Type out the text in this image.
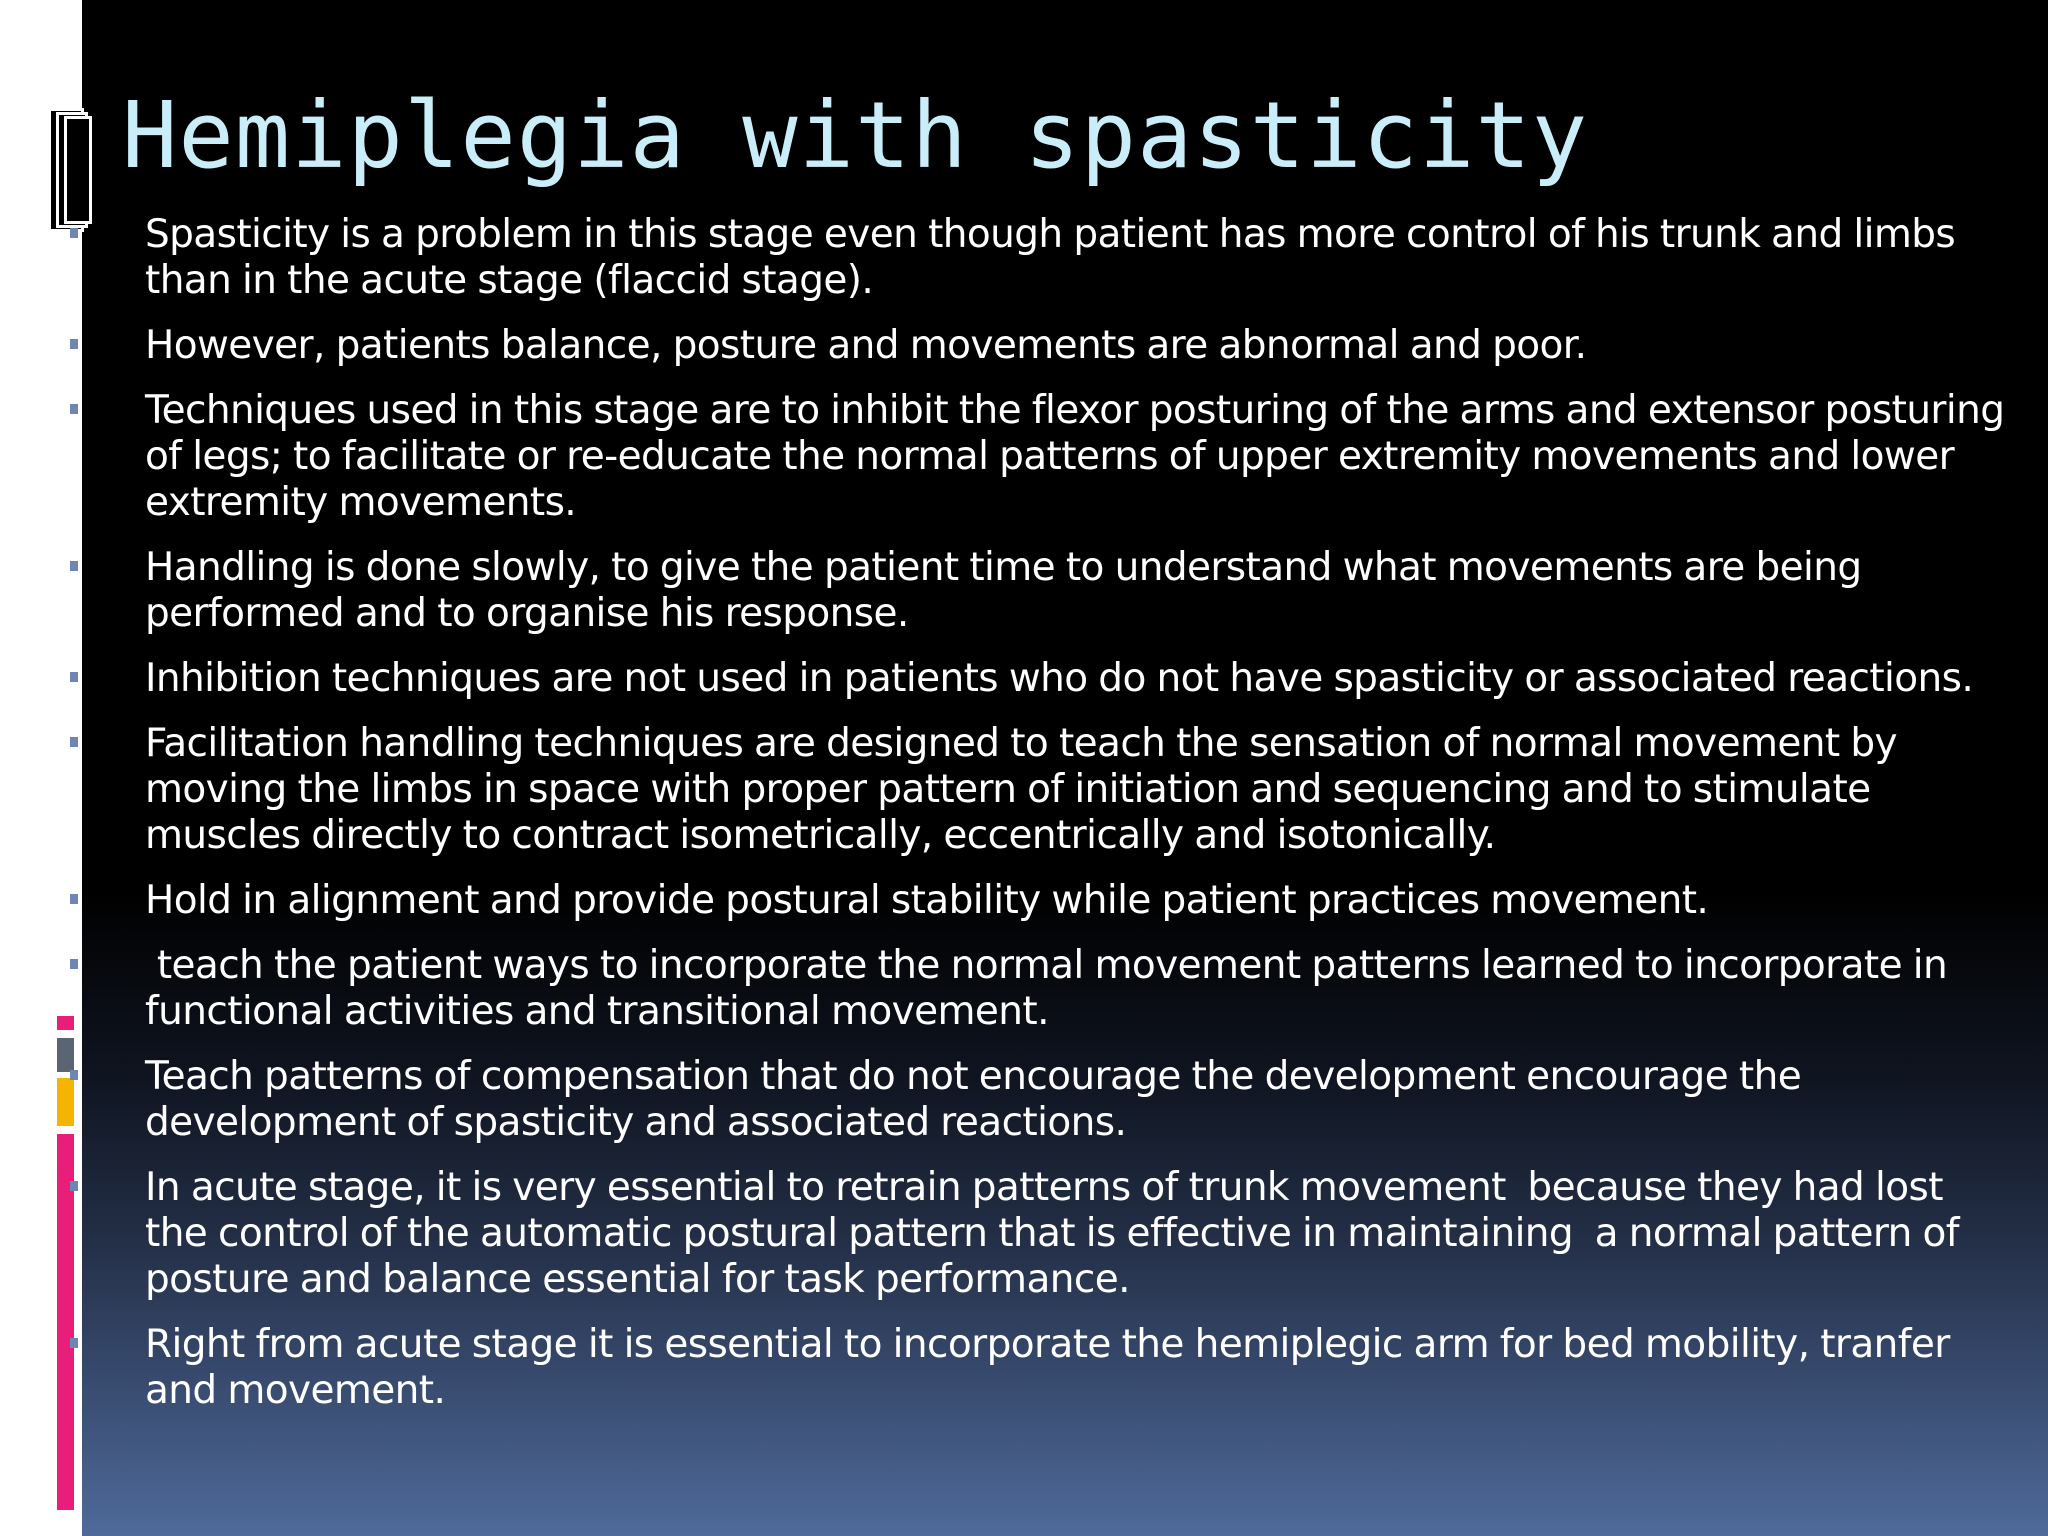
Hemiplegia with spasticity
Spasticity is a problem in this stage even though patient has more control of his trunk and limbs than in the acute stage (flaccid stage).
However, patients balance, posture and movements are abnormal and poor.
Techniques used in this stage are to inhibit the flexor posturing of the arms and extensor posturing of legs; to facilitate or re-educate the normal patterns of upper extremity movements and lower extremity movements.
Handling is done slowly, to give the patient time to understand what movements are being performed and to organise his response.
Inhibition techniques are not used in patients who do not have spasticity or associated reactions.
Facilitation handling techniques are designed to teach the sensation of normal movement by moving the limbs in space with proper pattern of initiation and sequencing and to stimulate muscles directly to contract isometrically, eccentrically and isotonically.
Hold in alignment and provide postural stability while patient practices movement.
teach the patient ways to incorporate the normal movement patterns learned to incorporate in functional activities and transitional movement.
Teach patterns of compensation that do not encourage the development encourage the development of spasticity and associated reactions.
In acute stage, it is very essential to retrain patterns of trunk movement  because they had lost the control of the automatic postural pattern that is effective in maintaining  a normal pattern of posture and balance essential for task performance.
Right from acute stage it is essential to incorporate the hemiplegic arm for bed mobility, tranfer and movement.
